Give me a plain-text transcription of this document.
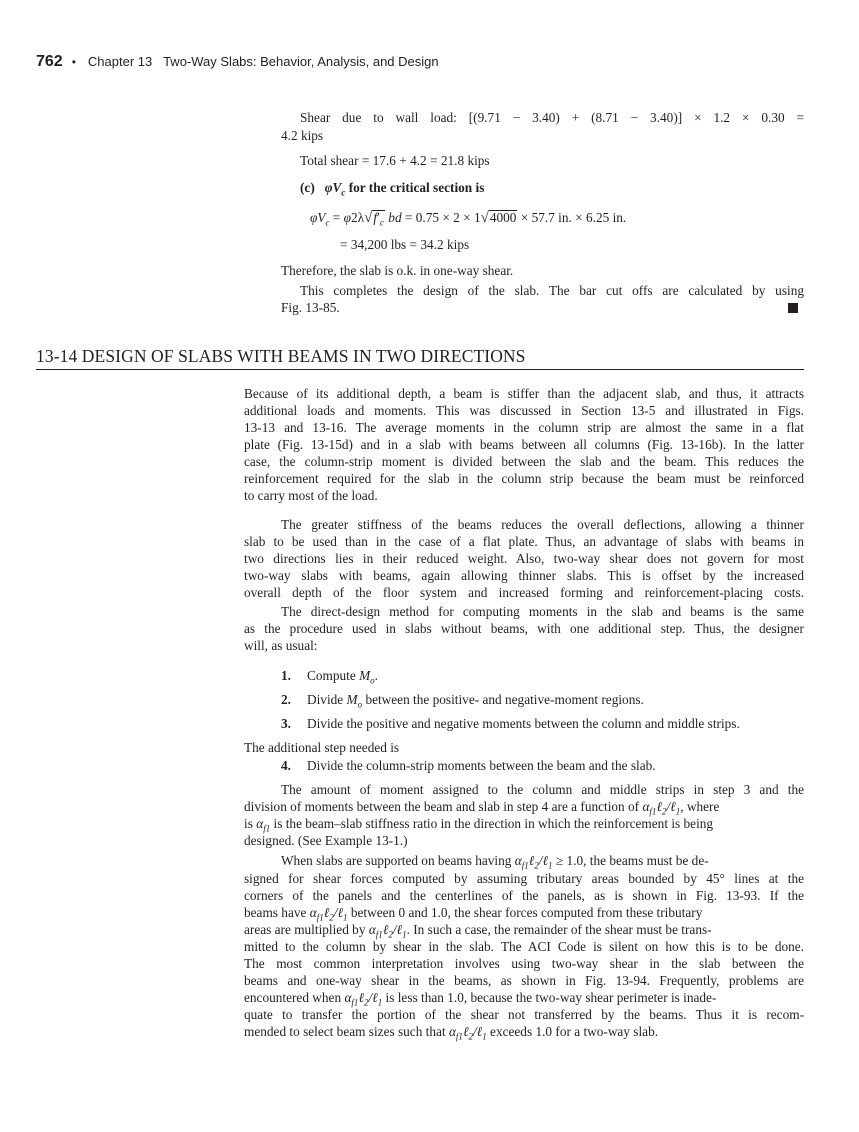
762 • Chapter 13 Two-Way Slabs: Behavior, Analysis, and Design
Shear due to wall load: [(9.71 − 3.40) + (8.71 − 3.40)] × 1.2 × 0.30 =
4.2 kips
Total shear = 17.6 + 4.2 = 21.8 kips
(c) $\varphi V_c$ for the critical section is
$\varphi V_c = \varphi 2\lambda√f'_c$ bd = 0.75 × 2 × 1√4000 × 57.7 in. × 6.25 in.
= 34,200 lbs = 34.2 kips
Therefore, the slab is o.k. in one-way shear.
This completes the design of the slab. The bar cut offs are calculated by using
Fig. 13-85.
13-14 DESIGN OF SLABS WITH BEAMS IN TWO DIRECTIONS
Because of its additional depth, a beam is stiffer than the adjacent slab, and thus, it attracts
additional loads and moments. This was discussed in Section 13-5 and illustrated in Figs.
13-13 and 13-16. The average moments in the column strip are almost the same in a flat
plate (Fig. 13-15d) and in a slab with beams between all columns (Fig. 13-16b). In the latter
case, the column-strip moment is divided between the slab and the beam. This reduces the
reinforcement required for the slab in the column strip because the beam must be reinforced
to carry most of the load.
The greater stiffness of the beams reduces the overall deflections, allowing a thinner
slab to be used than in the case of a flat plate. Thus, an advantage of slabs with beams in
two directions lies in their reduced weight. Also, two-way shear does not govern for most
two-way slabs with beams, again allowing thinner slabs. This is offset by the increased
overall depth of the floor system and increased forming and reinforcement-placing costs.
The direct-design method for computing moments in the slab and beams is the same
as the procedure used in slabs without beams, with one additional step. Thus, the designer
will, as usual:
1. Compute $M_o$.
2. Divide $M_o$ between the positive- and negative-moment regions.
3. Divide the positive and negative moments between the column and middle strips.
The additional step needed is
4. Divide the column-strip moments between the beam and the slab.
The amount of moment assigned to the column and middle strips in step 3 and the
division of moments between the beam and slab in step 4 are a function of $\alpha_{f1}\ell_2/\ell_1$, where
is $\alpha_{f1}$ is the beam–slab stiffness ratio in the direction in which the reinforcement is being
designed. (See Example 13-1.)
When slabs are supported on beams having $\alpha_{f1}\ell_2/\ell_1 \ge 1.0$, the beams must be de-
signed for shear forces computed by assuming tributary areas bounded by 45° lines at the
corners of the panels and the centerlines of the panels, as is shown in Fig. 13-93. If the
beams have $\alpha_{f1}\ell_2/\ell_1$ between 0 and 1.0, the shear forces computed from these tributary
areas are multiplied by $\alpha_{f1}\ell_2/\ell_1$. In such a case, the remainder of the shear must be trans-
mitted to the column by shear in the slab. The ACI Code is silent on how this is to be done.
The most common interpretation involves using two-way shear in the slab between the
beams and one-way shear in the beams, as shown in Fig. 13-94. Frequently, problems are
encountered when $\alpha_{f1}\ell_2/\ell_1$ is less than 1.0, because the two-way shear perimeter is inade-
quate to transfer the portion of the shear not transferred by the beams. Thus it is recom-
mended to select beam sizes such that $\alpha_{f1}\ell_2/\ell_1$ exceeds 1.0 for a two-way slab.
